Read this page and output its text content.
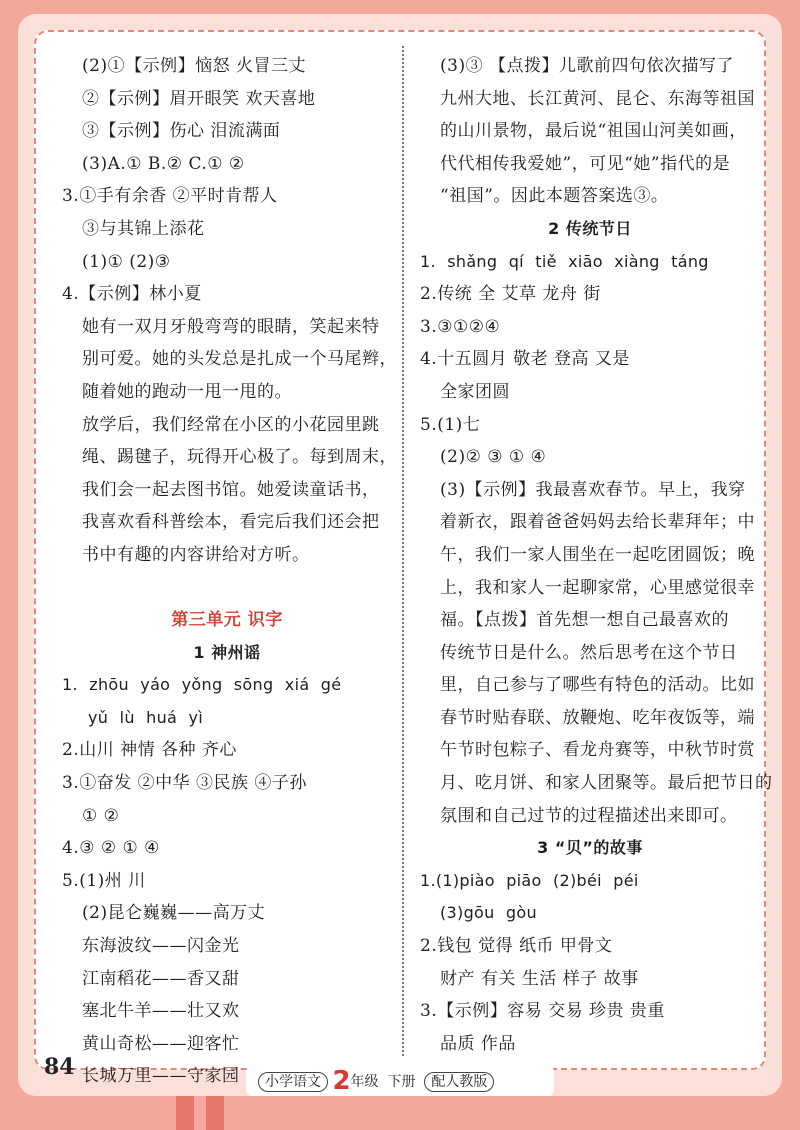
(2)①【示例】恼怒 火冒三丈
②【示例】眉开眼笑 欢天喜地
③【示例】伤心 泪流满面
(3)A.① B.② C.① ②
3.①手有余香 ②平时肯帮人
③与其锦上添花
(1)① (2)③
4.【示例】林小夏
她有一双月牙般弯弯的眼睛，笑起来特
别可爱。她的头发总是扎成一个马尾辫，
随着她的跑动一甩一甩的。
放学后，我们经常在小区的小花园里跳
绳、踢毽子，玩得开心极了。每到周末，
我们会一起去图书馆。她爱读童话书，
我喜欢看科普绘本，看完后我们还会把
书中有趣的内容讲给对方听。
第三单元 识字
1 神州谣
1. zhōu yáo yǒng sōng xiá gé
yǔ lù huá yì
2.山川 神情 各种 齐心
3.①奋发 ②中华 ③民族 ④子孙
① ②
4.③ ② ① ④
5.(1)州 川
(2)昆仑巍巍——高万丈
东海波纹——闪金光
江南稻花——香又甜
塞北牛羊——壮又欢
黄山奇松——迎客忙
长城万里——守家园
(3)③ 【点拨】儿歌前四句依次描写了
九州大地、长江黄河、昆仑、东海等祖国
的山川景物，最后说“祖国山河美如画，
代代相传我爱她”，可见“她”指代的是
“祖国”。因此本题答案选③。
2 传统节日
1. shǎng qí tiě xiāo xiàng táng
2.传统 全 艾草 龙舟 街
3.③①②④
4.十五圆月 敬老 登高 又是
全家团圆
5.(1)七
(2)② ③ ① ④
(3)【示例】我最喜欢春节。早上，我穿
着新衣，跟着爸爸妈妈去给长辈拜年；中
午，我们一家人围坐在一起吃团圆饭；晚
上，我和家人一起聊家常，心里感觉很幸
福。【点拨】首先想一想自己最喜欢的
传统节日是什么。然后思考在这个节日
里，自己参与了哪些有特色的活动。比如
春节时贴春联、放鞭炮、吃年夜饭等，端
午节时包粽子、看龙舟赛等，中秋节时赏
月、吃月饼、和家人团聚等。最后把节日的
氛围和自己过节的过程描述出来即可。
3 “贝”的故事
1.(1)piào piāo (2)béi péi
(3)gōu gòu
2.钱包 觉得 纸币 甲骨文
财产 有关 生活 样子 故事
3.【示例】容易 交易 珍贵 贵重
品质 作品
84
小学语文 2年级 下册 配人教版
